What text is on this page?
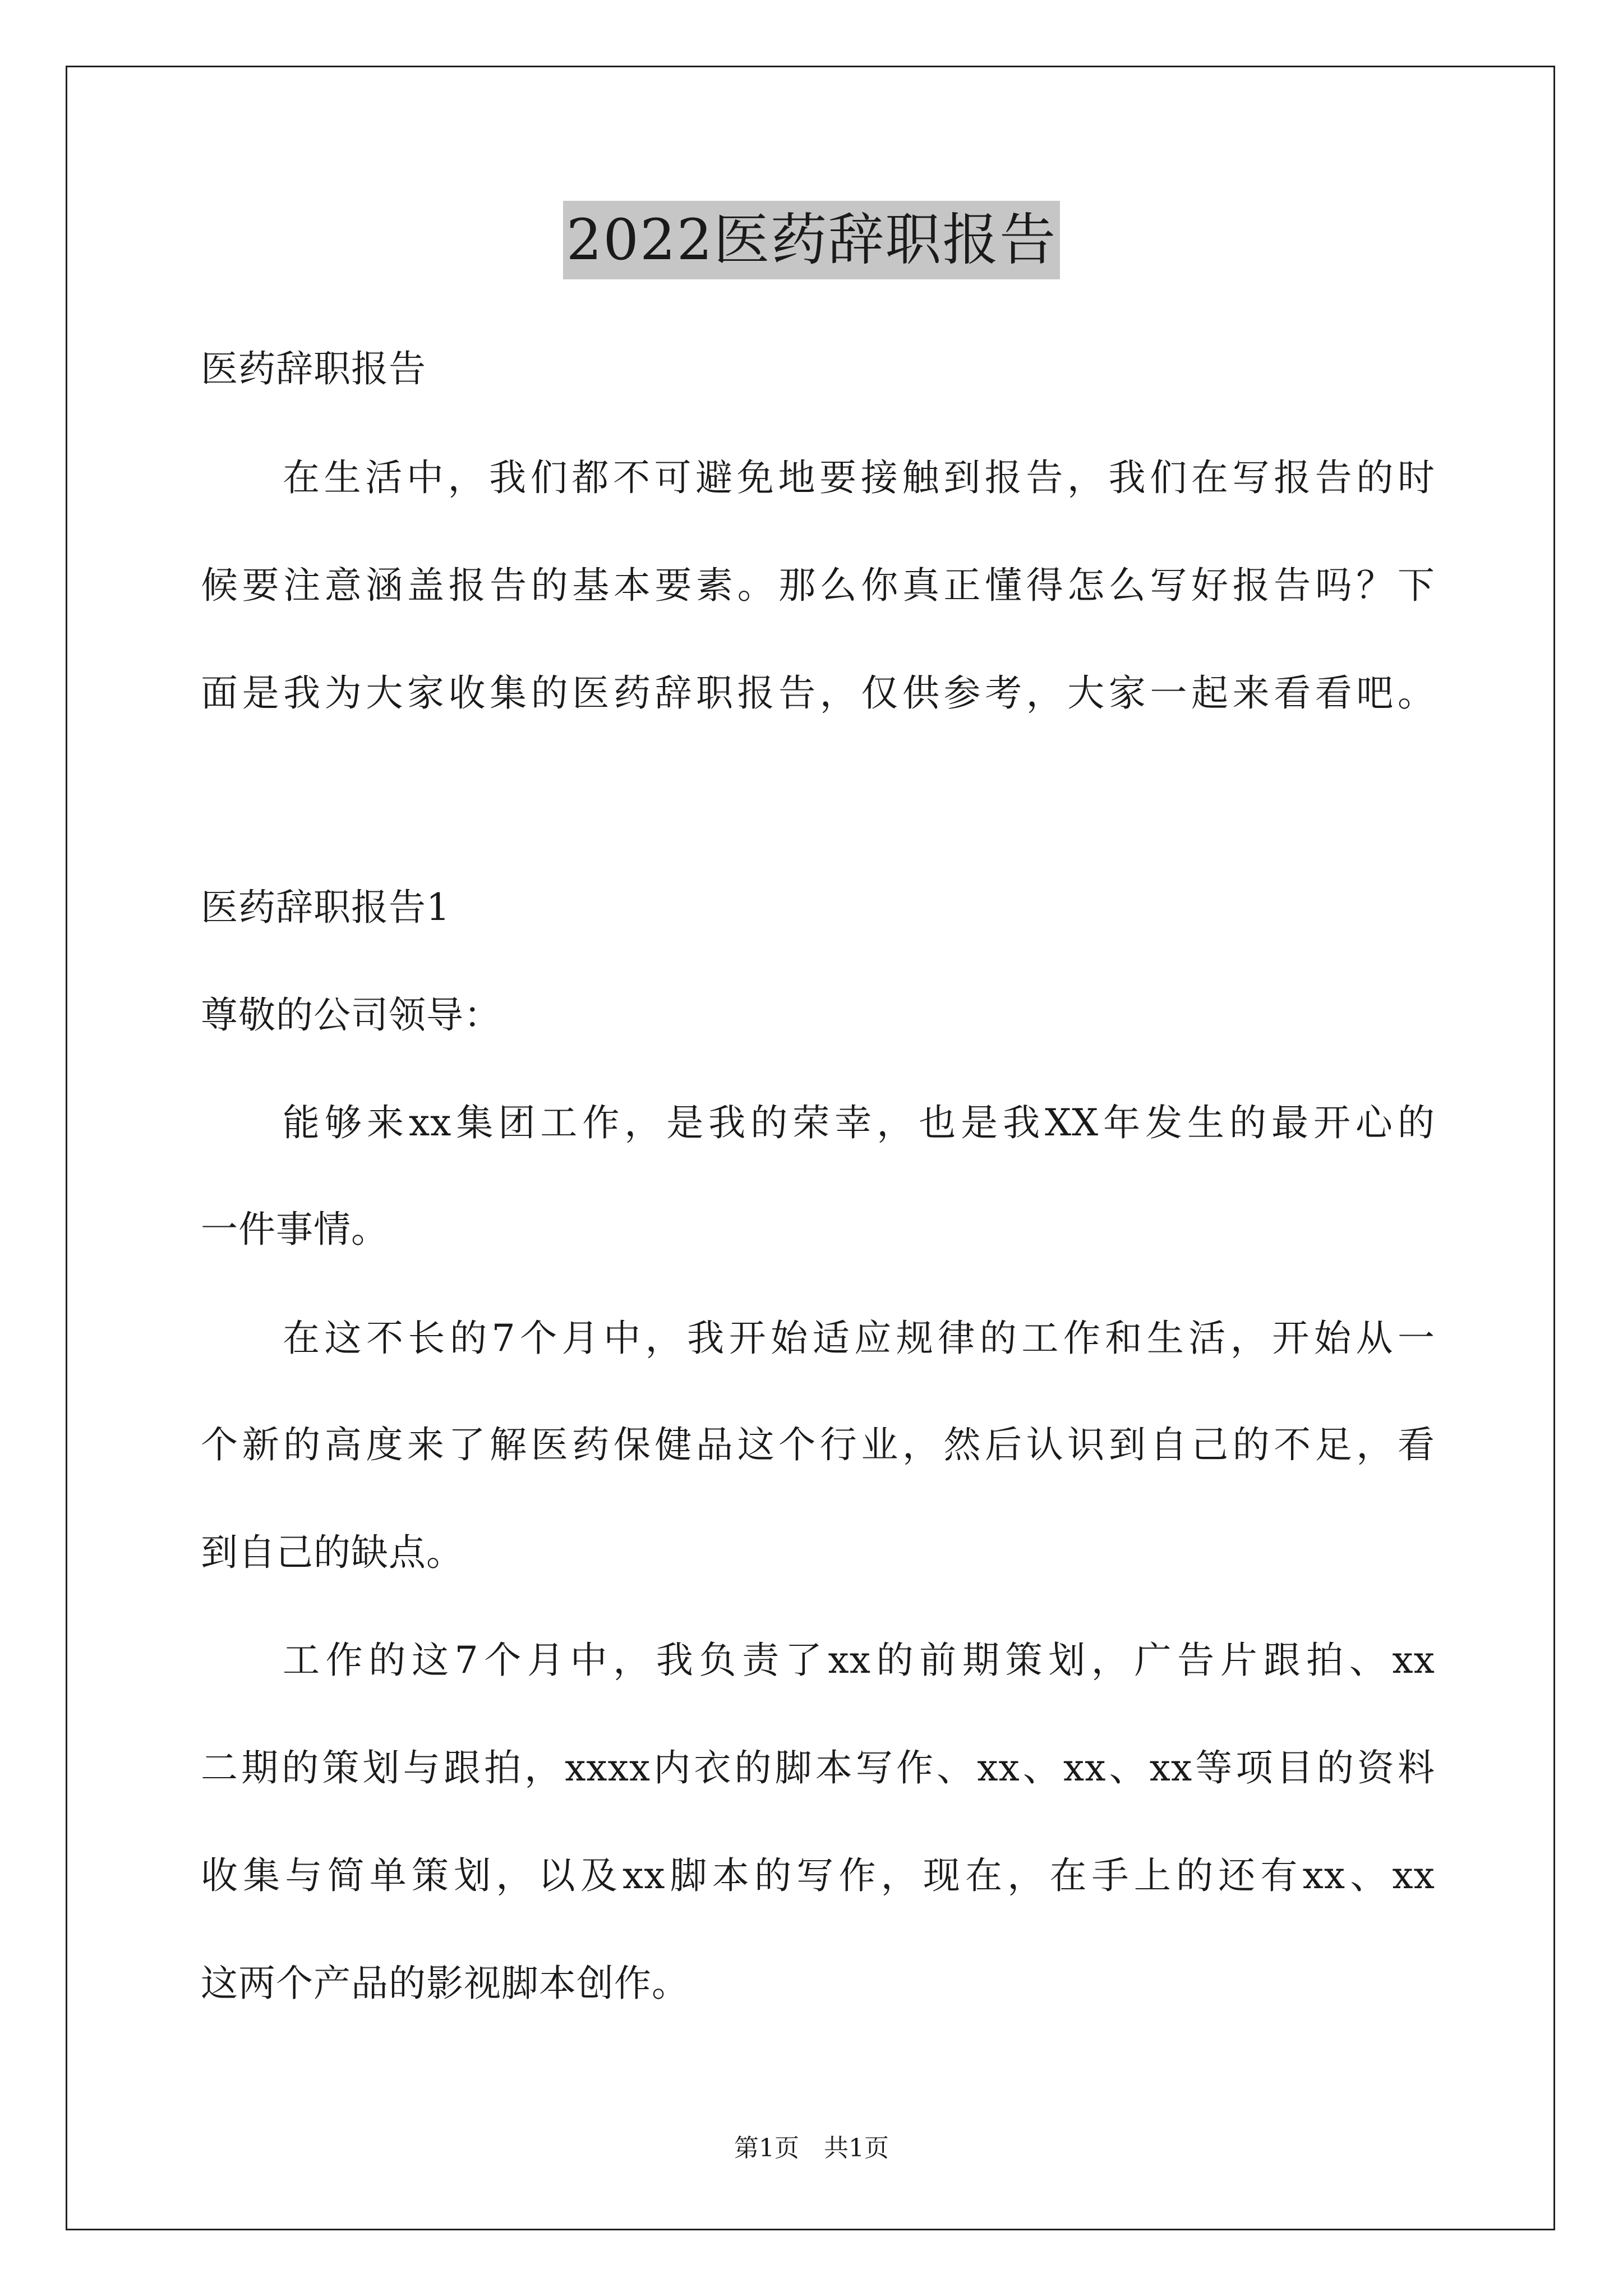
2022医药辞职报告
医药辞职报告
在生活中，我们都不可避免地要接触到报告，我们在写报告的时
候要注意涵盖报告的基本要素。那么你真正懂得怎么写好报告吗？下
面是我为大家收集的医药辞职报告，仅供参考，大家一起来看看吧。
医药辞职报告1
尊敬的公司领导：
能够来xx集团工作，是我的荣幸，也是我XX年发生的最开心的
一件事情。
在这不长的7个月中，我开始适应规律的工作和生活，开始从一
个新的高度来了解医药保健品这个行业，然后认识到自己的不足，看
到自己的缺点。
工作的这7个月中，我负责了xx的前期策划，广告片跟拍、xx
二期的策划与跟拍，xxxx内衣的脚本写作、xx、xx、xx等项目的资料
收集与简单策划，以及xx脚本的写作，现在，在手上的还有xx、xx
这两个产品的影视脚本创作。
第1页　共1页
